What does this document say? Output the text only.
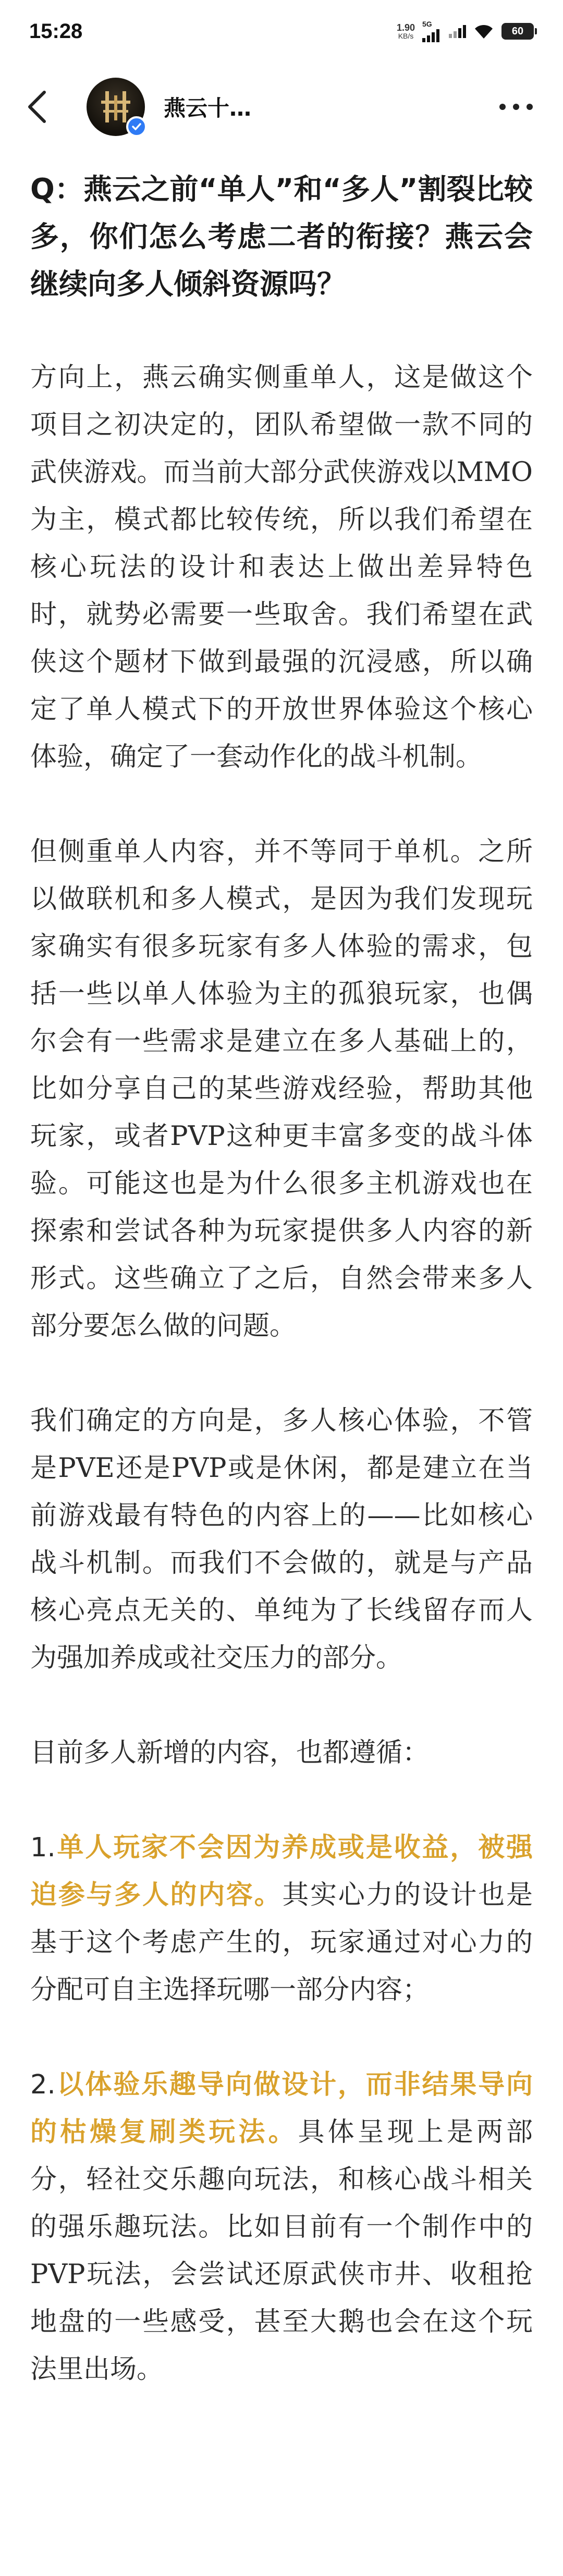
15:28	1.90
KB/s
5G
60
燕云十…

Q：燕云之前“单人”和“多人”割裂比较多，你们怎么考虑二者的衔接？燕云会继续向多人倾斜资源吗？

方向上，燕云确实侧重单人，这是做这个项目之初决定的，团队希望做一款不同的武侠游戏。而当前大部分武侠游戏以MMO为主，模式都比较传统，所以我们希望在核心玩法的设计和表达上做出差异特色时，就势必需要一些取舍。我们希望在武侠这个题材下做到最强的沉浸感，所以确定了单人模式下的开放世界体验这个核心体验，确定了一套动作化的战斗机制。

但侧重单人内容，并不等同于单机。之所以做联机和多人模式，是因为我们发现玩家确实有很多玩家有多人体验的需求，包括一些以单人体验为主的孤狼玩家，也偶尔会有一些需求是建立在多人基础上的，比如分享自己的某些游戏经验，帮助其他玩家，或者PVP这种更丰富多变的战斗体验。可能这也是为什么很多主机游戏也在探索和尝试各种为玩家提供多人内容的新形式。这些确立了之后，自然会带来多人部分要怎么做的问题。

我们确定的方向是，多人核心体验，不管是PVE还是PVP或是休闲，都是建立在当前游戏最有特色的内容上的——比如核心战斗机制。而我们不会做的，就是与产品核心亮点无关的、单纯为了长线留存而人为强加养成或社交压力的部分。

目前多人新增的内容，也都遵循：

1.单人玩家不会因为养成或是收益，被强迫参与多人的内容。其实心力的设计也是基于这个考虑产生的，玩家通过对心力的分配可自主选择玩哪一部分内容；

2.以体验乐趣导向做设计，而非结果导向的枯燥复刷类玩法。具体呈现上是两部分，轻社交乐趣向玩法，和核心战斗相关的强乐趣玩法。比如目前有一个制作中的PVP玩法，会尝试还原武侠市井、收租抢地盘的一些感受，甚至大鹅也会在这个玩法里出场。
